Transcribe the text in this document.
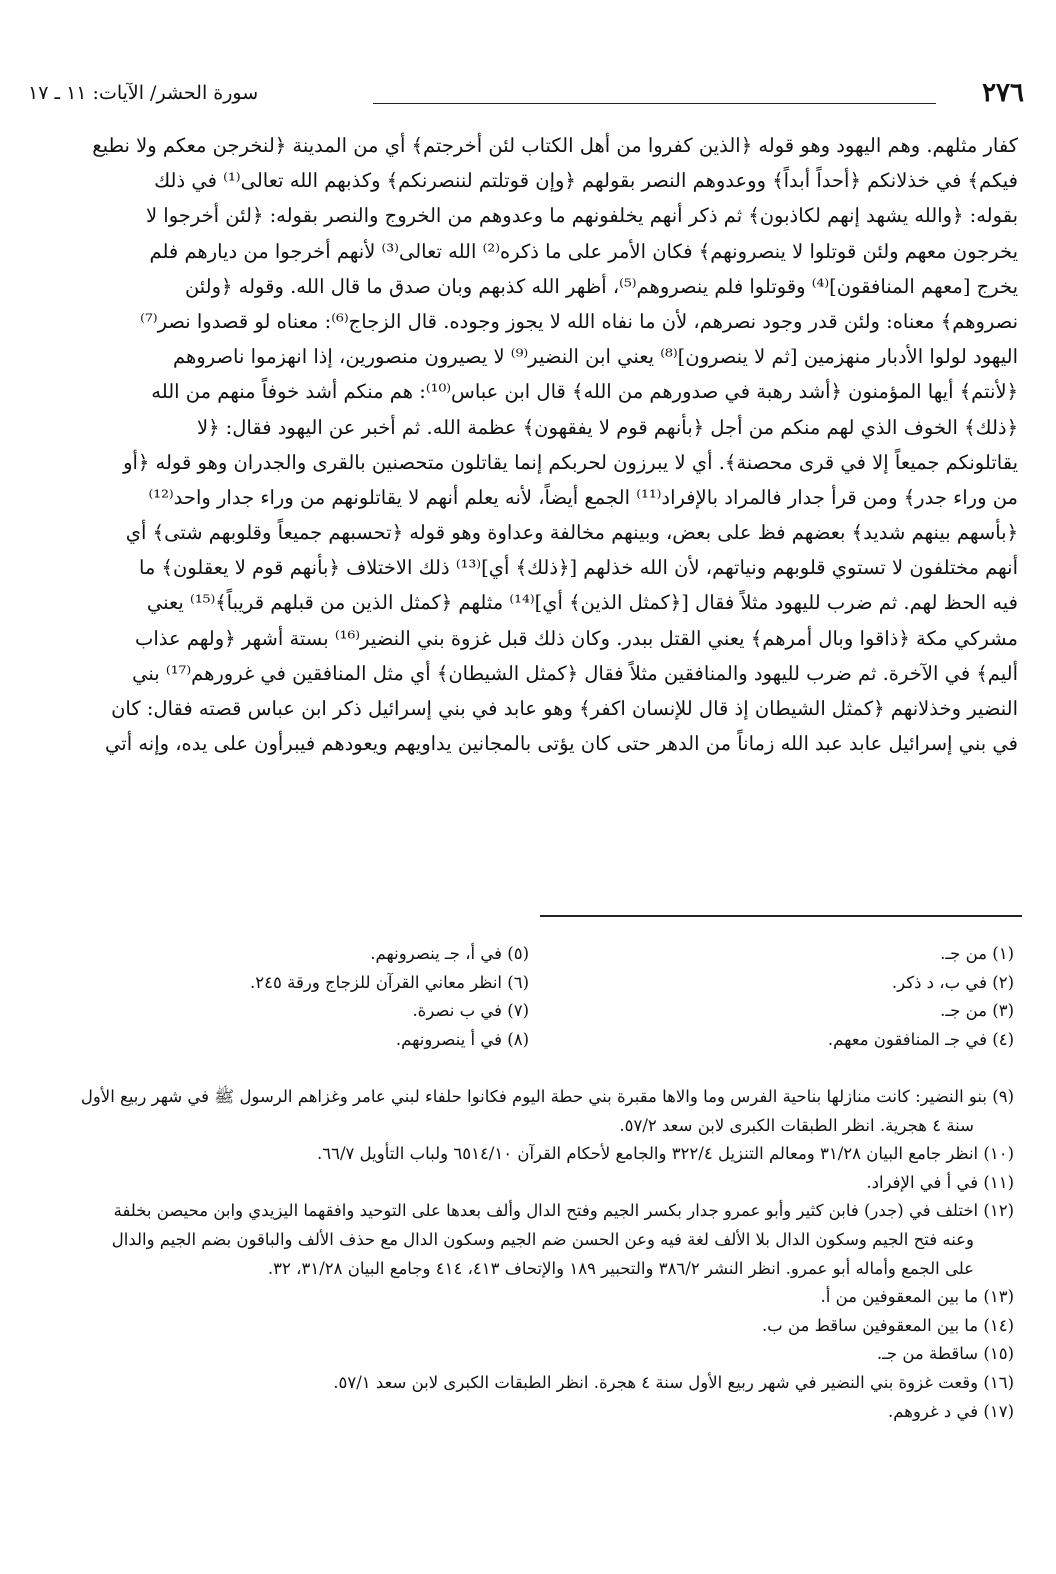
٢٧٦
سورة الحشر/ الآيات: ١١ ـ ١٧
كفار مثلهم. وهم اليهود وهو قوله ﴿الذين كفروا من أهل الكتاب لئن أخرجتم﴾ أي من المدينة ﴿لنخرجن معكم ولا نطيع
فيكم﴾ في خذلانكم ﴿أحداً أبداً﴾ ووعدوهم النصر بقولهم ﴿وإن قوتلتم لننصرنكم﴾ وكذبهم الله تعالى⁽¹⁾ في ذلك
بقوله: ﴿والله يشهد إنهم لكاذبون﴾ ثم ذكر أنهم يخلفونهم ما وعدوهم من الخروج والنصر بقوله: ﴿لئن أخرجوا لا
يخرجون معهم ولئن قوتلوا لا ينصرونهم﴾ فكان الأمر على ما ذكره⁽²⁾ الله تعالى⁽³⁾ لأنهم أخرجوا من ديارهم فلم
يخرج [معهم المنافقون]⁽⁴⁾ وقوتلوا فلم ينصروهم⁽⁵⁾، أظهر الله كذبهم وبان صدق ما قال الله. وقوله ﴿ولئن
نصروهم﴾ معناه: ولئن قدر وجود نصرهم، لأن ما نفاه الله لا يجوز وجوده. قال الزجاج⁽⁶⁾: معناه لو قصدوا نصر⁽⁷⁾
اليهود لولوا الأدبار منهزمين [ثم لا ينصرون]⁽⁸⁾ يعني ابن النضير⁽⁹⁾ لا يصيرون منصورين، إذا انهزموا ناصروهم
﴿لأنتم﴾ أيها المؤمنون ﴿أشد رهبة في صدورهم من الله﴾ قال ابن عباس⁽¹⁰⁾: هم منكم أشد خوفاً منهم من الله
﴿ذلك﴾ الخوف الذي لهم منكم من أجل ﴿بأنهم قوم لا يفقهون﴾ عظمة الله. ثم أخبر عن اليهود فقال: ﴿لا
يقاتلونكم جميعاً إلا في قرى محصنة﴾. أي لا يبرزون لحربكم إنما يقاتلون متحصنين بالقرى والجدران وهو قوله ﴿أو
من وراء جدر﴾ ومن قرأ جدار فالمراد بالإفراد⁽¹¹⁾ الجمع أيضاً، لأنه يعلم أنهم لا يقاتلونهم من وراء جدار واحد⁽¹²⁾
﴿بأسهم بينهم شديد﴾ بعضهم فظ على بعض، وبينهم مخالفة وعداوة وهو قوله ﴿تحسبهم جميعاً وقلوبهم شتى﴾ أي
أنهم مختلفون لا تستوي قلوبهم ونياتهم، لأن الله خذلهم [﴿ذلك﴾ أي]⁽¹³⁾ ذلك الاختلاف ﴿بأنهم قوم لا يعقلون﴾ ما
فيه الحظ لهم. ثم ضرب لليهود مثلاً فقال [﴿كمثل الذين﴾ أي]⁽¹⁴⁾ مثلهم ﴿كمثل الذين من قبلهم قريباً﴾⁽¹⁵⁾ يعني
مشركي مكة ﴿ذاقوا وبال أمرهم﴾ يعني القتل ببدر. وكان ذلك قبل غزوة بني النضير⁽¹⁶⁾ بستة أشهر ﴿ولهم عذاب
أليم﴾ في الآخرة. ثم ضرب لليهود والمنافقين مثلاً فقال ﴿كمثل الشيطان﴾ أي مثل المنافقين في غرورهم⁽¹⁷⁾ بني
النضير وخذلانهم ﴿كمثل الشيطان إذ قال للإنسان اكفر﴾ وهو عابد في بني إسرائيل ذكر ابن عباس قصته فقال: كان
في بني إسرائيل عابد عبد الله زماناً من الدهر حتى كان يؤتى بالمجانين يداويهم ويعودهم فيبرأون على يده، وإنه أتي
(١) من جـ.
(٥) في أ، جـ ينصرونهم.
(٢) في ب، د ذكر.
(٦) انظر معاني القرآن للزجاج ورقة ٢٤٥.
(٣) من جـ.
(٧) في ب نصرة.
(٤) في جـ المنافقون معهم.
(٨) في أ ينصرونهم.
(٩) بنو النضير: كانت منازلها بناحية الفرس وما والاها مقبرة بني حطة اليوم فكانوا حلفاء لبني عامر وغزاهم الرسول ﷺ في شهر ربيع الأول
سنة ٤ هجرية. انظر الطبقات الكبرى لابن سعد ٥٧/٢.
(١٠) انظر جامع البيان ٣١/٢٨ ومعالم التنزيل ٣٢٢/٤ والجامع لأحكام القرآن ٦٥١٤/١٠ ولباب التأويل ٦٦/٧.
(١١) في أ في الإفراد.
(١٢) اختلف في (جدر) فابن كثير وأبو عمرو جدار بكسر الجيم وفتح الدال وألف بعدها على التوحيد وافقهما اليزيدي وابن محيصن بخلفة
وعنه فتح الجيم وسكون الدال بلا الألف لغة فيه وعن الحسن ضم الجيم وسكون الدال مع حذف الألف والباقون بضم الجيم والدال
على الجمع وأماله أبو عمرو. انظر النشر ٣٨٦/٢ والتحبير ١٨٩ والإتحاف ٤١٣، ٤١٤ وجامع البيان ٣١/٢٨، ٣٢.
(١٣) ما بين المعقوفين من أ.
(١٤) ما بين المعقوفين ساقط من ب.
(١٥) ساقطة من جـ.
(١٦) وقعت غزوة بني النضير في شهر ربيع الأول سنة ٤ هجرة. انظر الطبقات الكبرى لابن سعد ٥٧/١.
(١٧) في د غروهم.
